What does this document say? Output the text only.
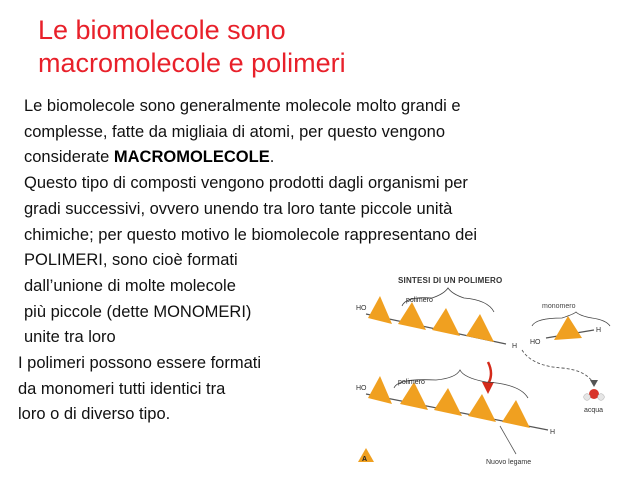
Le biomolecole sono
macromolecole e polimeri
Le biomolecole sono generalmente molecole molto grandi e
complesse, fatte da migliaia di atomi, per questo vengono
considerate MACROMOLECOLE.
Questo tipo di composti vengono prodotti dagli organismi per
gradi successivi, ovvero unendo tra loro tante piccole unità
chimiche; per questo motivo le biomolecole rappresentano dei
POLIMERI, sono cioè formati
dall’unione di molte molecole
più piccole (dette MONOMERI)
unite tra loro
I polimeri possono essere formati
da monomeri tutti identici tra
loro o di diverso tipo.
SINTESI DI UN POLIMERO
HO
H
polimero
monomero
HO
H
acqua
HO
H
polimero
Nuovo legame
A
